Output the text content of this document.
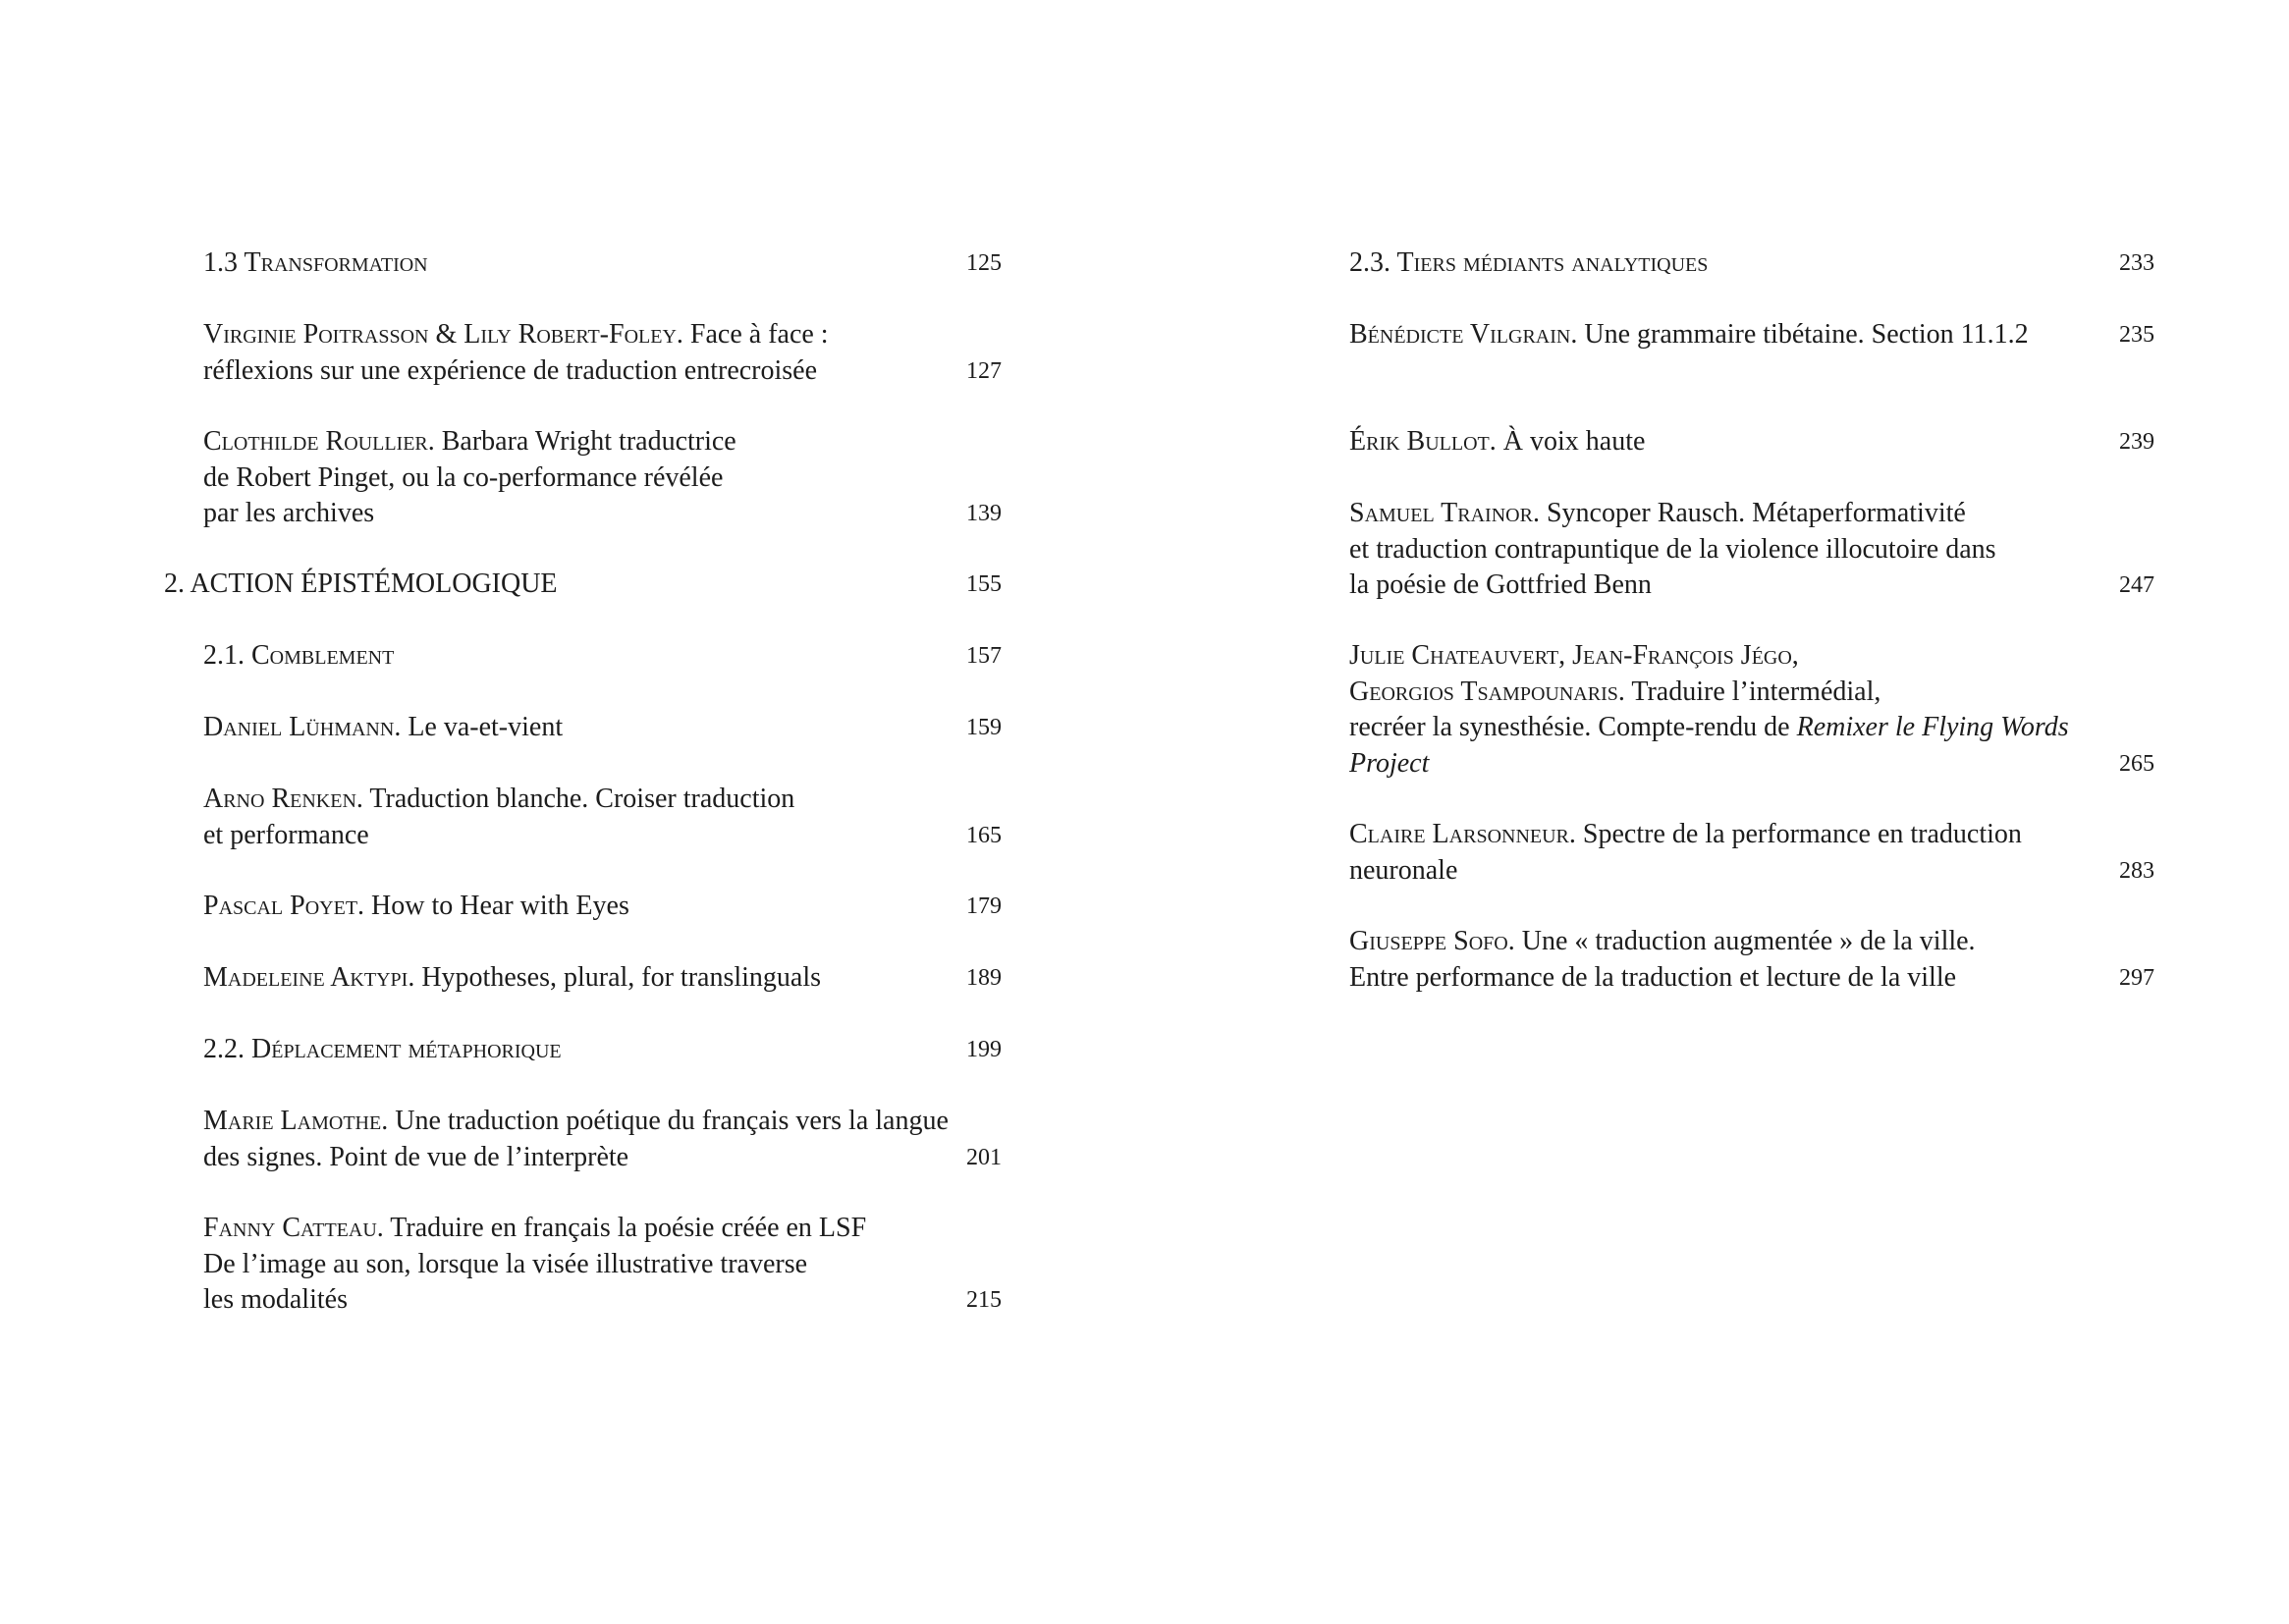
1.3 Transformation	125
Virginie Poitrasson & Lily Robert-Foley. Face à face :
réflexions sur une expérience de traduction entrecroisée	127
Clothilde Roullier. Barbara Wright traductrice
de Robert Pinget, ou la co-performance révélée
par les archives	139
2. ACTION ÉPISTÉMOLOGIQUE	155
2.1. Comblement	157
Daniel Lühmann. Le va-et-vient	159
Arno Renken. Traduction blanche. Croiser traduction
et performance	165
Pascal Poyet. How to Hear with Eyes	179
Madeleine Aktypi. Hypotheses, plural, for translinguals	189
2.2. Déplacement métaphorique	199
Marie Lamothe. Une traduction poétique du français vers la langue
des signes. Point de vue de l’interprète	201
Fanny Catteau. Traduire en français la poésie créée en LSF
De l’image au son, lorsque la visée illustrative traverse
les modalités	215
2.3. Tiers médiants analytiques	233
Bénédicte Vilgrain. Une grammaire tibétaine. Section 11.1.2	235
Érik Bullot. À voix haute	239
Samuel Trainor. Syncoper Rausch. Métaperformativité
et traduction contrapuntique de la violence illocutoire dans
la poésie de Gottfried Benn	247
Julie Chateauvert, Jean-François Jégo,
Georgios Tsampounaris. Traduire l’intermédial,
recréer la synesthésie. Compte-rendu de Remixer le Flying Words
Project	265
Claire Larsonneur. Spectre de la performance en traduction
neuronale	283
Giuseppe Sofo. Une « traduction augmentée » de la ville.
Entre performance de la traduction et lecture de la ville	297
